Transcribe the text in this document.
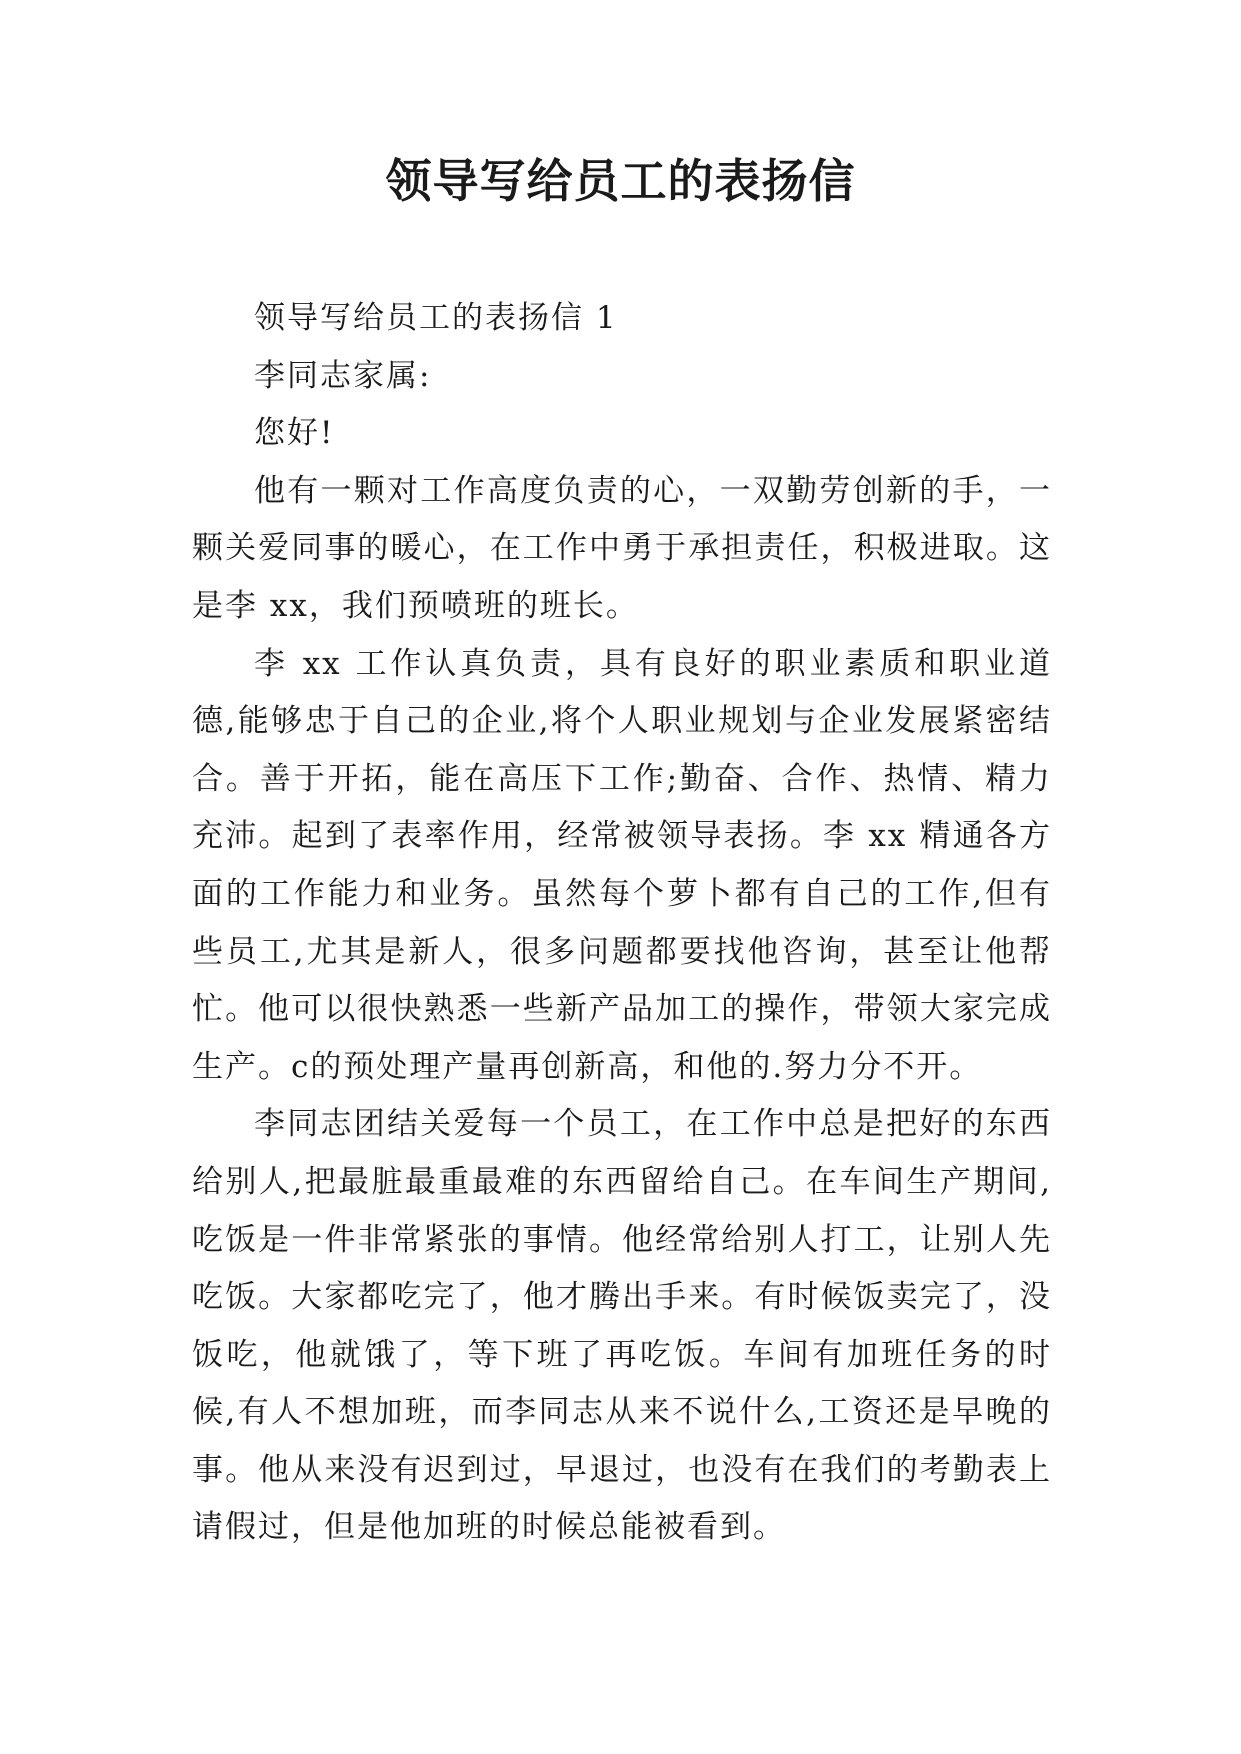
领导写给员工的表扬信

领导写给员工的表扬信 1

李同志家属:

您好!

他有一颗对工作高度负责的心，一双勤劳创新的手，一颗关爱同事的暖心，在工作中勇于承担责任，积极进取。这是李 xx，我们预喷班的班长。

李 xx 工作认真负责，具有良好的职业素质和职业道德,能够忠于自己的企业,将个人职业规划与企业发展紧密结合。善于开拓，能在高压下工作;勤奋、合作、热情、精力充沛。起到了表率作用，经常被领导表扬。李 xx 精通各方面的工作能力和业务。虽然每个萝卜都有自己的工作,但有些员工,尤其是新人，很多问题都要找他咨询，甚至让他帮忙。他可以很快熟悉一些新产品加工的操作，带领大家完成生产。c的预处理产量再创新高，和他的.努力分不开。

李同志团结关爱每一个员工，在工作中总是把好的东西给别人,把最脏最重最难的东西留给自己。在车间生产期间,吃饭是一件非常紧张的事情。他经常给别人打工，让别人先吃饭。大家都吃完了，他才腾出手来。有时候饭卖完了，没饭吃，他就饿了，等下班了再吃饭。车间有加班任务的时候,有人不想加班，而李同志从来不说什么,工资还是早晚的事。他从来没有迟到过，早退过，也没有在我们的考勤表上请假过，但是他加班的时候总能被看到。
